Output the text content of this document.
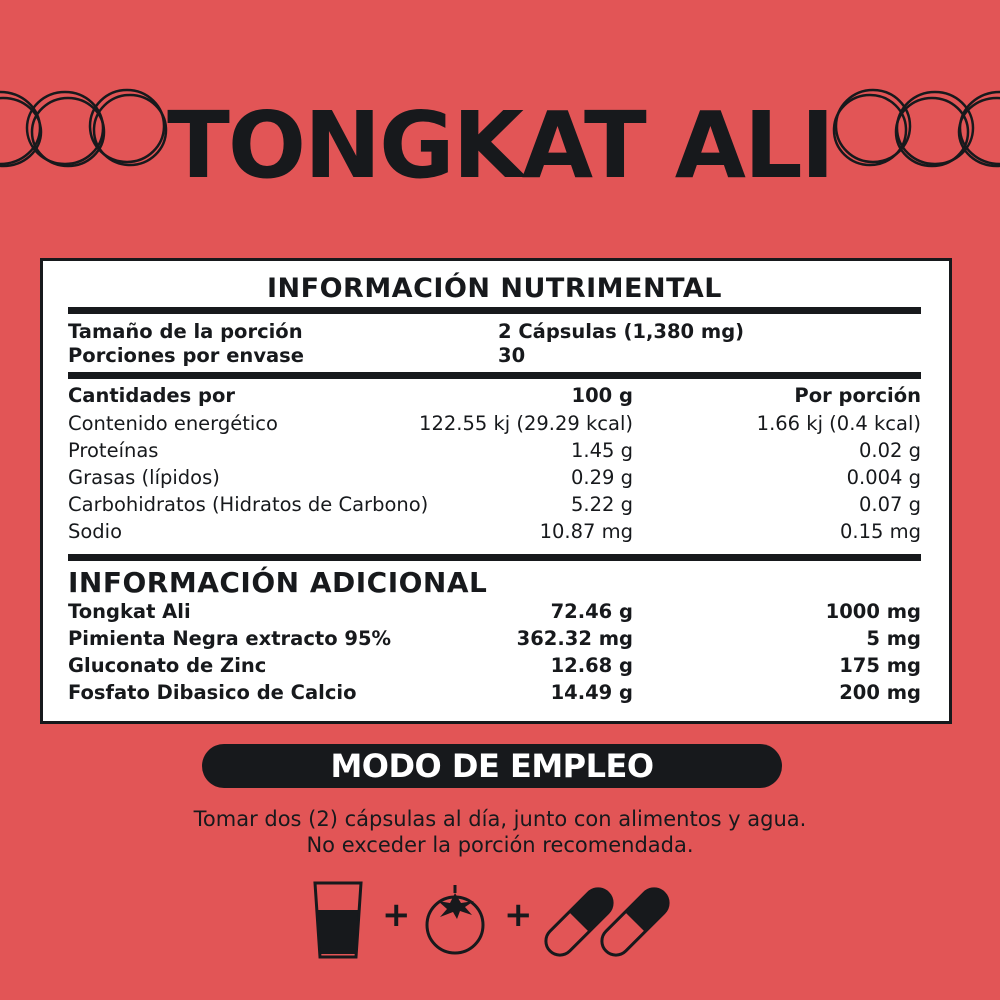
TONGKAT ALI
INFORMACIÓN NUTRIMENTAL
Tamaño de la porción	2 Cápsulas (1,380 mg)
Porciones por envase	30
Cantidades por	100 g	Por porción
Contenido energético	122.55 kj (29.29 kcal)	1.66 kj (0.4 kcal)
Proteínas	1.45 g	0.02 g
Grasas (lípidos)	0.29 g	0.004 g
Carbohidratos (Hidratos de Carbono)	5.22 g	0.07 g
Sodio	10.87 mg	0.15 mg
INFORMACIÓN ADICIONAL
Tongkat Ali	72.46 g	1000 mg
Pimienta Negra extracto 95%	362.32 mg	5 mg
Gluconato de Zinc	12.68 g	175 mg
Fosfato Dibasico de Calcio	14.49 g	200 mg
MODO DE EMPLEO
Tomar dos (2) cápsulas al día, junto con alimentos y agua.
No exceder la porción recomendada.
+	+
